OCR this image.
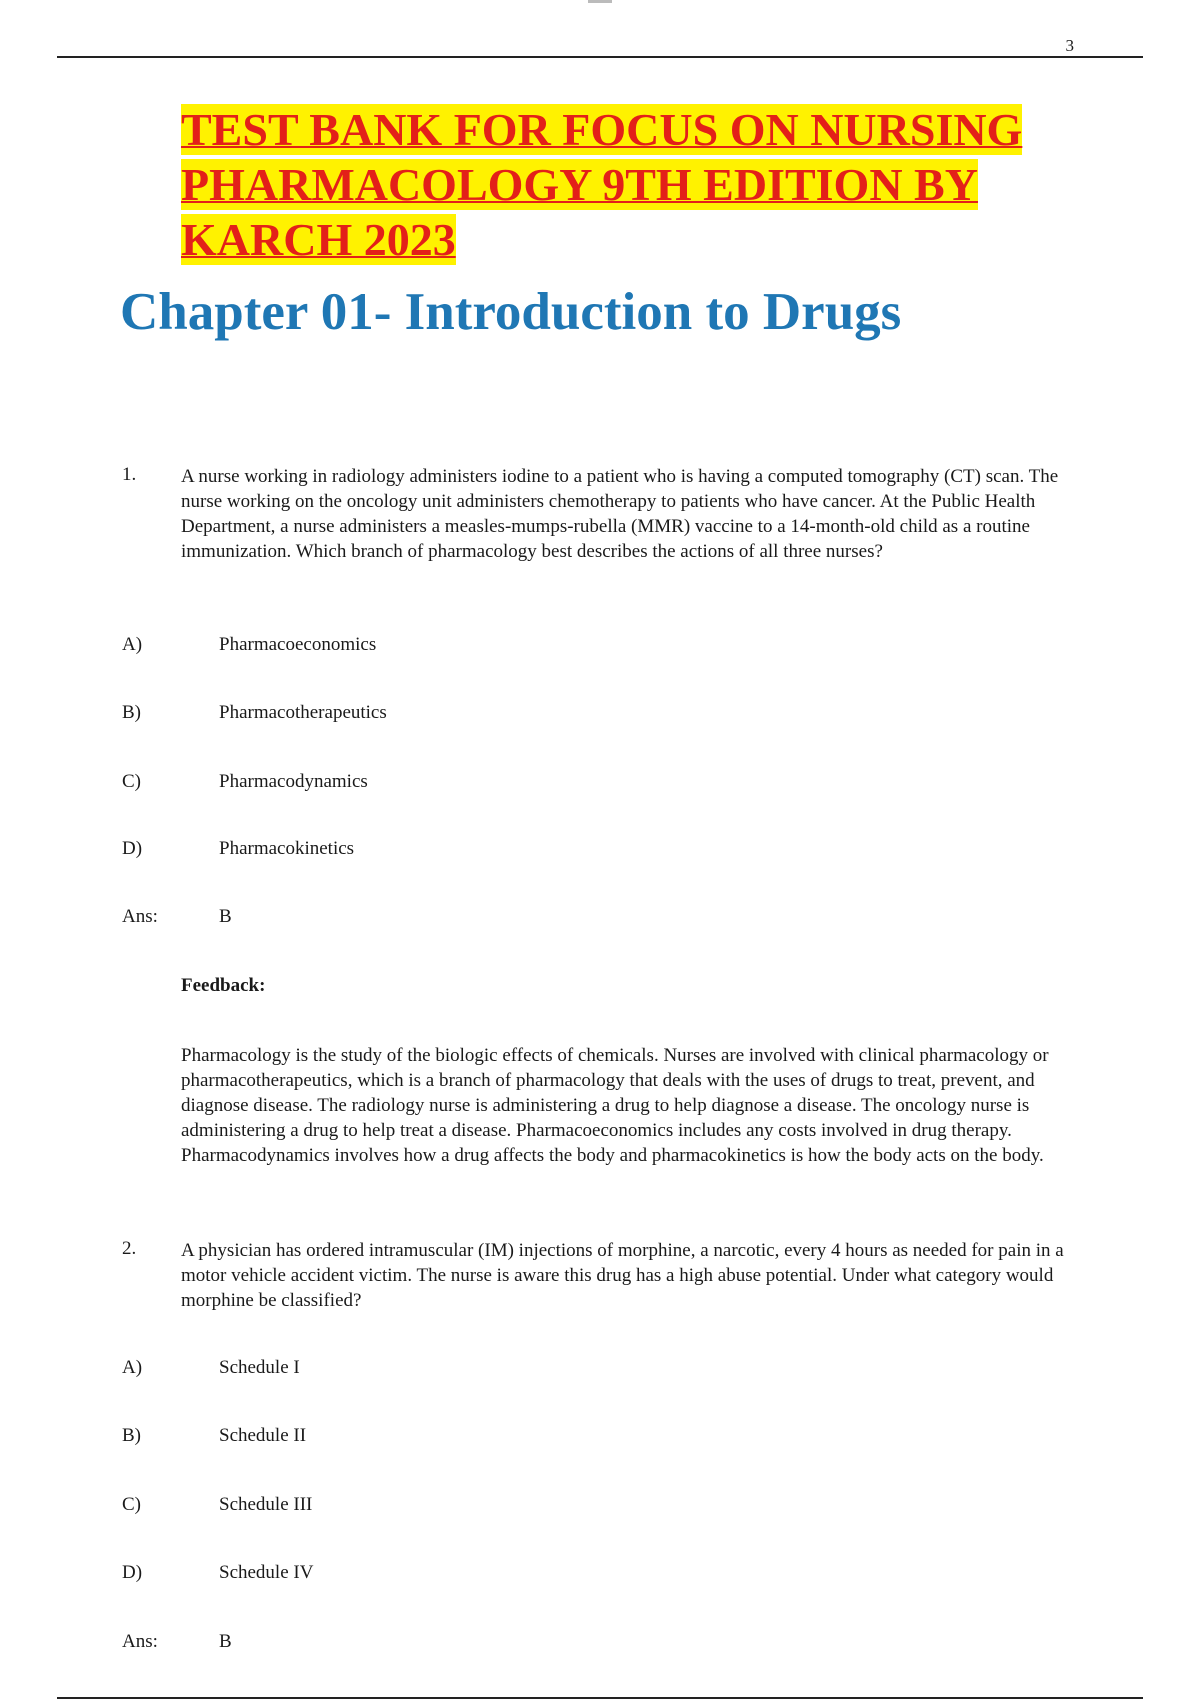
3
TEST BANK FOR FOCUS ON NURSING PHARMACOLOGY 9TH EDITION BY KARCH 2023
Chapter 01- Introduction to Drugs
1. A nurse working in radiology administers iodine to a patient who is having a computed tomography (CT) scan. The nurse working on the oncology unit administers chemotherapy to patients who have cancer. At the Public Health Department, a nurse administers a measles-mumps-rubella (MMR) vaccine to a 14-month-old child as a routine immunization. Which branch of pharmacology best describes the actions of all three nurses?
A)	Pharmacoeconomics
B)	Pharmacotherapeutics
C)	Pharmacodynamics
D)	Pharmacokinetics
Ans:	B
Feedback:
Pharmacology is the study of the biologic effects of chemicals. Nurses are involved with clinical pharmacology or pharmacotherapeutics, which is a branch of pharmacology that deals with the uses of drugs to treat, prevent, and diagnose disease. The radiology nurse is administering a drug to help diagnose a disease. The oncology nurse is administering a drug to help treat a disease. Pharmacoeconomics includes any costs involved in drug therapy. Pharmacodynamics involves how a drug affects the body and pharmacokinetics is how the body acts on the body.
2. A physician has ordered intramuscular (IM) injections of morphine, a narcotic, every 4 hours as needed for pain in a motor vehicle accident victim. The nurse is aware this drug has a high abuse potential. Under what category would morphine be classified?
A)	Schedule I
B)	Schedule II
C)	Schedule III
D)	Schedule IV
Ans:	B
